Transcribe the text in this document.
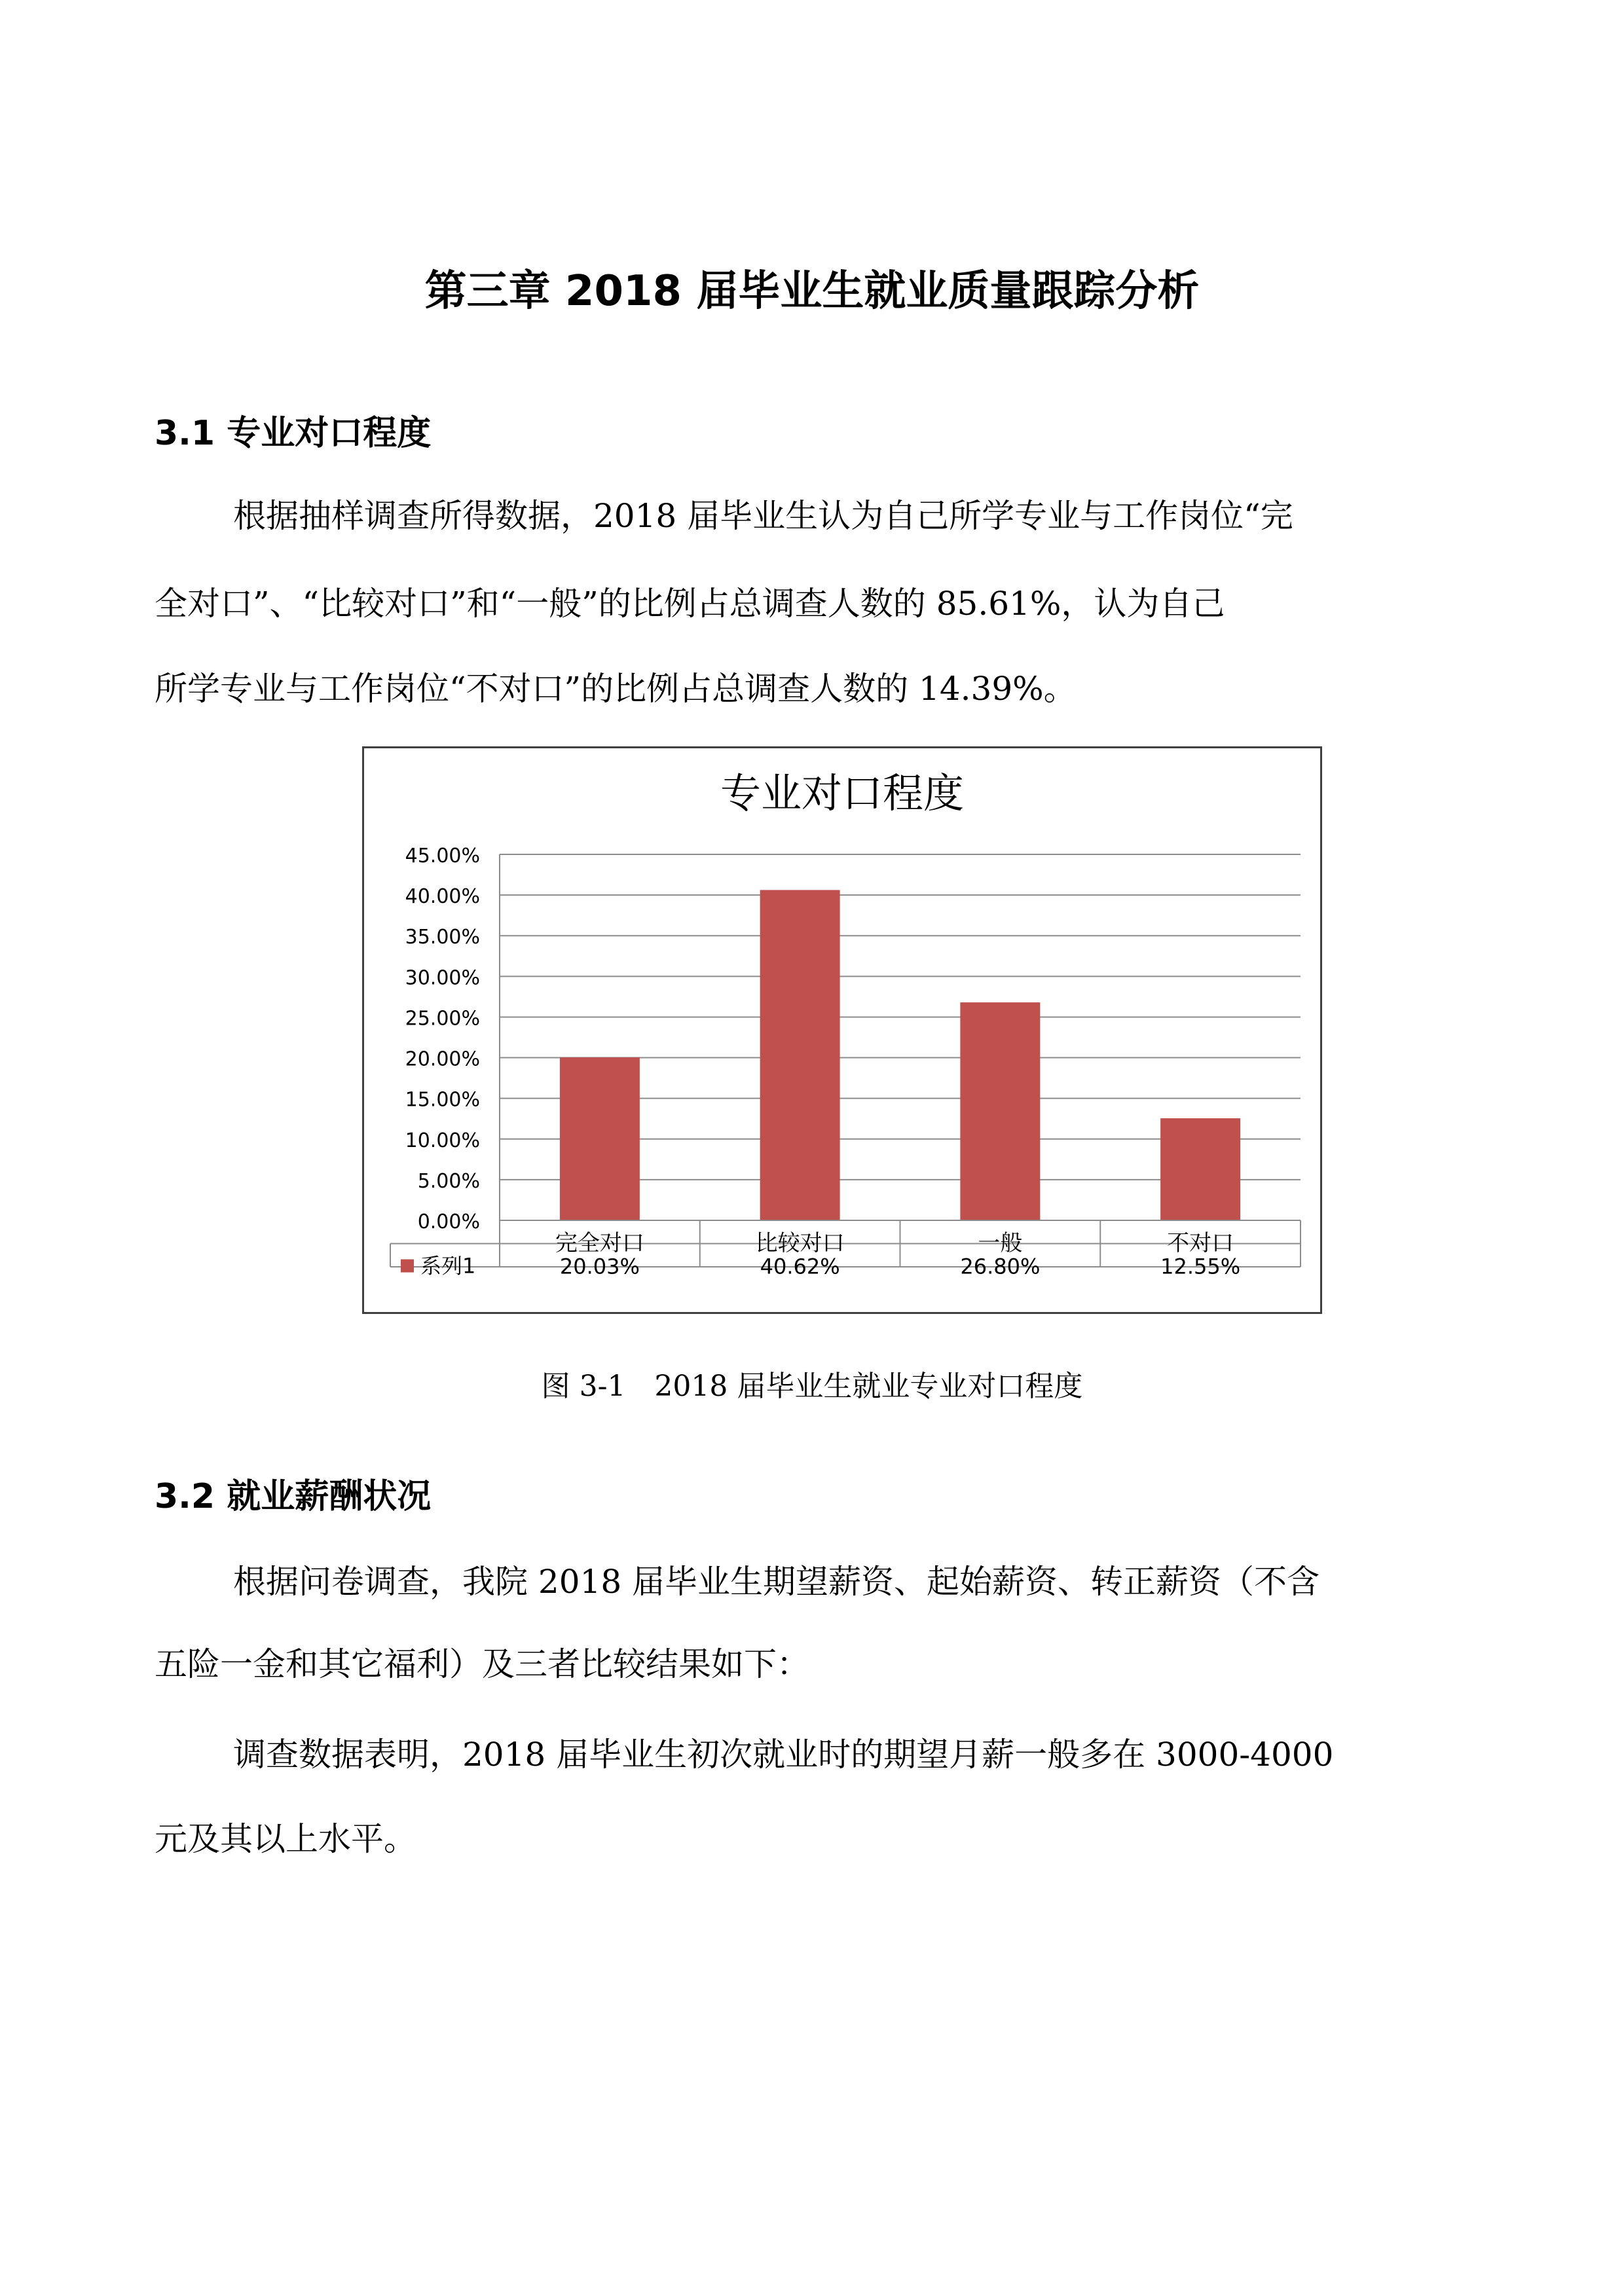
第三章 2018 届毕业生就业质量跟踪分析
3.1 专业对口程度
根据抽样调查所得数据，2018 届毕业生认为自己所学专业与工作岗位“完
全对口”、“比较对口”和“一般”的比例占总调查人数的 85.61%，认为自己
所学专业与工作岗位“不对口”的比例占总调查人数的 14.39%。
专业对口程度
0.00%
5.00%
10.00%
15.00%
20.00%
25.00%
30.00%
35.00%
40.00%
45.00%
完全对口	比较对口	一般	不对口
系列1	20.03%	40.62%	26.80%	12.55%
图 3-1　2018 届毕业生就业专业对口程度
3.2 就业薪酬状况
根据问卷调查，我院 2018 届毕业生期望薪资、起始薪资、转正薪资（不含
五险一金和其它福利）及三者比较结果如下：
调查数据表明，2018 届毕业生初次就业时的期望月薪一般多在 3000-4000
元及其以上水平。
